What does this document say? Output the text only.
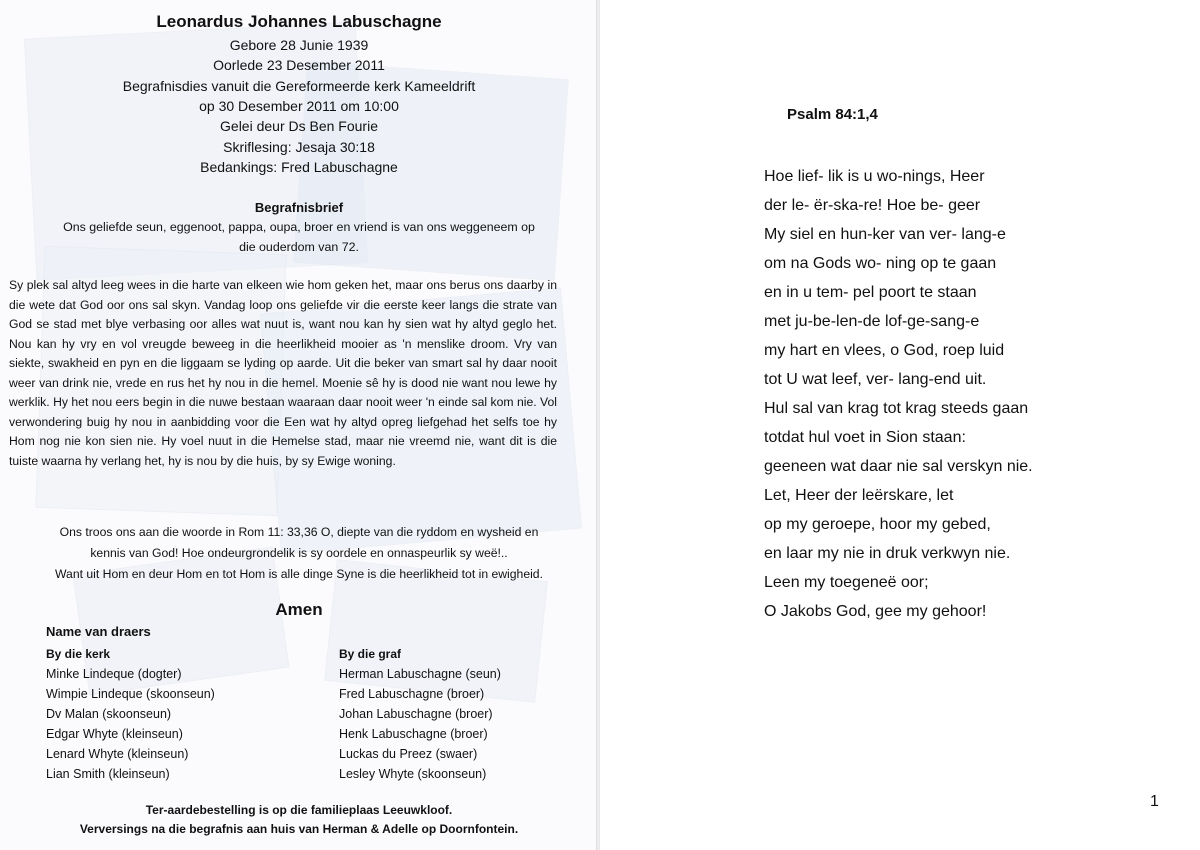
Leonardus Johannes Labuschagne
Gebore 28 Junie 1939
Oorlede 23 Desember 2011
Begrafnisdies vanuit die Gereformeerde kerk Kameeldrift
op 30 Desember 2011 om 10:00
Gelei deur Ds Ben Fourie
Skriflesing: Jesaja 30:18
Bedankings: Fred Labuschagne
Begrafnisbrief
Ons geliefde seun, eggenoot, pappa, oupa, broer en vriend is van ons weggeneem op
die ouderdom van 72.
Sy plek sal altyd leeg wees in die harte van elkeen wie hom geken het, maar ons berus ons daarby in die wete dat God oor ons sal skyn. Vandag loop ons geliefde vir die eerste keer langs die strate van God se stad met blye verbasing oor alles wat nuut is, want nou kan hy sien wat hy altyd geglo het. Nou kan hy vry en vol vreugde beweeg in die heerlikheid mooier as 'n menslike droom. Vry van siekte, swakheid en pyn en die liggaam se lyding op aarde. Uit die beker van smart sal hy daar nooit weer van drink nie, vrede en rus het hy nou in die hemel. Moenie sê hy is dood nie want nou lewe hy werklik. Hy het nou eers begin in die nuwe bestaan waaraan daar nooit weer 'n einde sal kom nie. Vol verwondering buig hy nou in aanbidding voor die Een wat hy altyd opreg liefgehad het selfs toe hy Hom nog nie kon sien nie. Hy voel nuut in die Hemelse stad, maar nie vreemd nie, want dit is die tuiste waarna hy verlang het, hy is nou by die huis, by sy Ewige woning.
Ons troos ons aan die woorde in Rom 11: 33,36 O, diepte van die ryddom en wysheid en
kennis van God! Hoe ondeurgrondelik is sy oordele en onnaspeurlik sy weë!..
Want uit Hom en deur Hom en tot Hom is alle dinge Syne is die heerlikheid tot in ewigheid.
Amen
Name van draers
By die kerk
Minke Lindeque (dogter)
Wimpie Lindeque (skoonseun)
Dv Malan (skoonseun)
Edgar Whyte (kleinseun)
Lenard Whyte (kleinseun)
Lian Smith (kleinseun)
By die graf
Herman Labuschagne (seun)
Fred Labuschagne (broer)
Johan Labuschagne (broer)
Henk Labuschagne (broer)
Luckas du Preez (swaer)
Lesley Whyte (skoonseun)
Ter-aardebestelling is op die familieplaas Leeuwkloof.
Verversings na die begrafnis aan huis van Herman & Adelle op Doornfontein.
Psalm 84:1,4
Hoe lief- lik is u wo-nings, Heer
der le- ër-ska-re! Hoe be- geer
My siel en hun-ker van ver- lang-e
om na Gods wo- ning op te gaan
en in u tem- pel poort te staan
met ju-be-len-de lof-ge-sang-e
my hart en vlees, o God, roep luid
tot U wat leef, ver- lang-end uit.
Hul sal van krag tot krag steeds gaan
totdat hul voet in Sion staan:
geeneen wat daar nie sal verskyn nie.
Let, Heer der leërskare, let
op my geroepe, hoor my gebed,
en laar my nie in druk verkwyn nie.
Leen my toegeneë oor;
O Jakobs God, gee my gehoor!
1
